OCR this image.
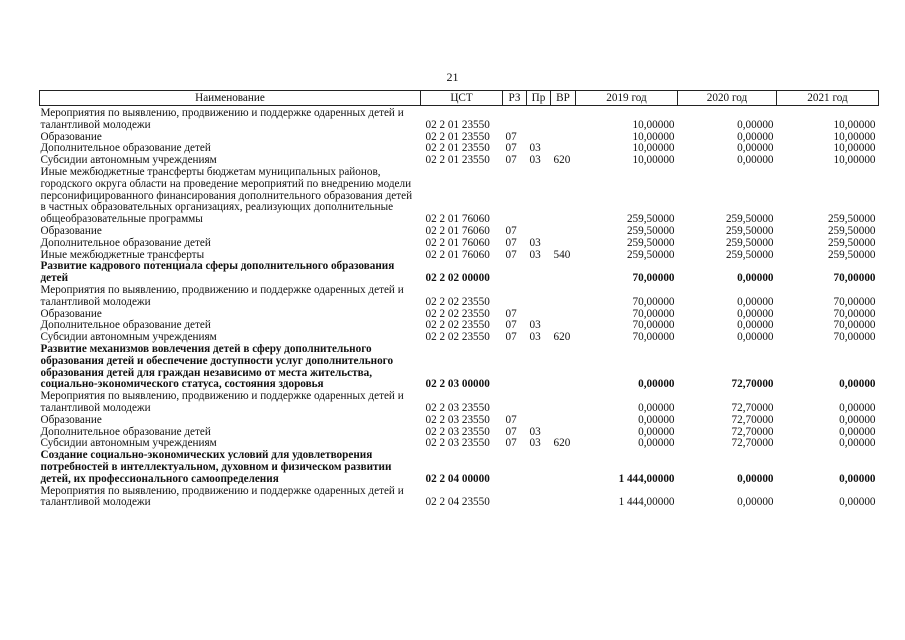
21
Наименование	ЦСТ	РЗ	Пр	ВР	2019 год	2020 год	2021 год
Мероприятия по выявлению, продвижению и поддержке одаренных детей и талантливой молодежи	02 2 01 23550				10,00000	0,00000	10,00000
Образование	02 2 01 23550	07			10,00000	0,00000	10,00000
Дополнительное образование детей	02 2 01 23550	07	03		10,00000	0,00000	10,00000
Субсидии автономным учреждениям	02 2 01 23550	07	03	620	10,00000	0,00000	10,00000
Иные межбюджетные трансферты бюджетам муниципальных районов, городского округа области на проведение мероприятий по внедрению модели персонифицированного финансирования дополнительного образования детей в частных образовательных организациях, реализующих дополнительные общеобразовательные программы	02 2 01 76060				259,50000	259,50000	259,50000
Образование	02 2 01 76060	07			259,50000	259,50000	259,50000
Дополнительное образование детей	02 2 01 76060	07	03		259,50000	259,50000	259,50000
Иные межбюджетные трансферты	02 2 01 76060	07	03	540	259,50000	259,50000	259,50000
Развитие кадрового потенциала сферы дополнительного образования детей	02 2 02 00000				70,00000	0,00000	70,00000
Мероприятия по выявлению, продвижению и поддержке одаренных детей и талантливой молодежи	02 2 02 23550				70,00000	0,00000	70,00000
Образование	02 2 02 23550	07			70,00000	0,00000	70,00000
Дополнительное образование детей	02 2 02 23550	07	03		70,00000	0,00000	70,00000
Субсидии автономным учреждениям	02 2 02 23550	07	03	620	70,00000	0,00000	70,00000
Развитие механизмов вовлечения детей в сферу дополнительного образования детей и обеспечение доступности услуг дополнительного образования детей для граждан независимо от места жительства, социально-экономического статуса, состояния здоровья	02 2 03 00000				0,00000	72,70000	0,00000
Мероприятия по выявлению, продвижению и поддержке одаренных детей и талантливой молодежи	02 2 03 23550				0,00000	72,70000	0,00000
Образование	02 2 03 23550	07			0,00000	72,70000	0,00000
Дополнительное образование детей	02 2 03 23550	07	03		0,00000	72,70000	0,00000
Субсидии автономным учреждениям	02 2 03 23550	07	03	620	0,00000	72,70000	0,00000
Создание социально-экономических условий для удовлетворения потребностей в интеллектуальном, духовном и физическом развитии детей, их профессионального самоопределения	02 2 04 00000				1 444,00000	0,00000	0,00000
Мероприятия по выявлению, продвижению и поддержке одаренных детей и талантливой молодежи	02 2 04 23550				1 444,00000	0,00000	0,00000
